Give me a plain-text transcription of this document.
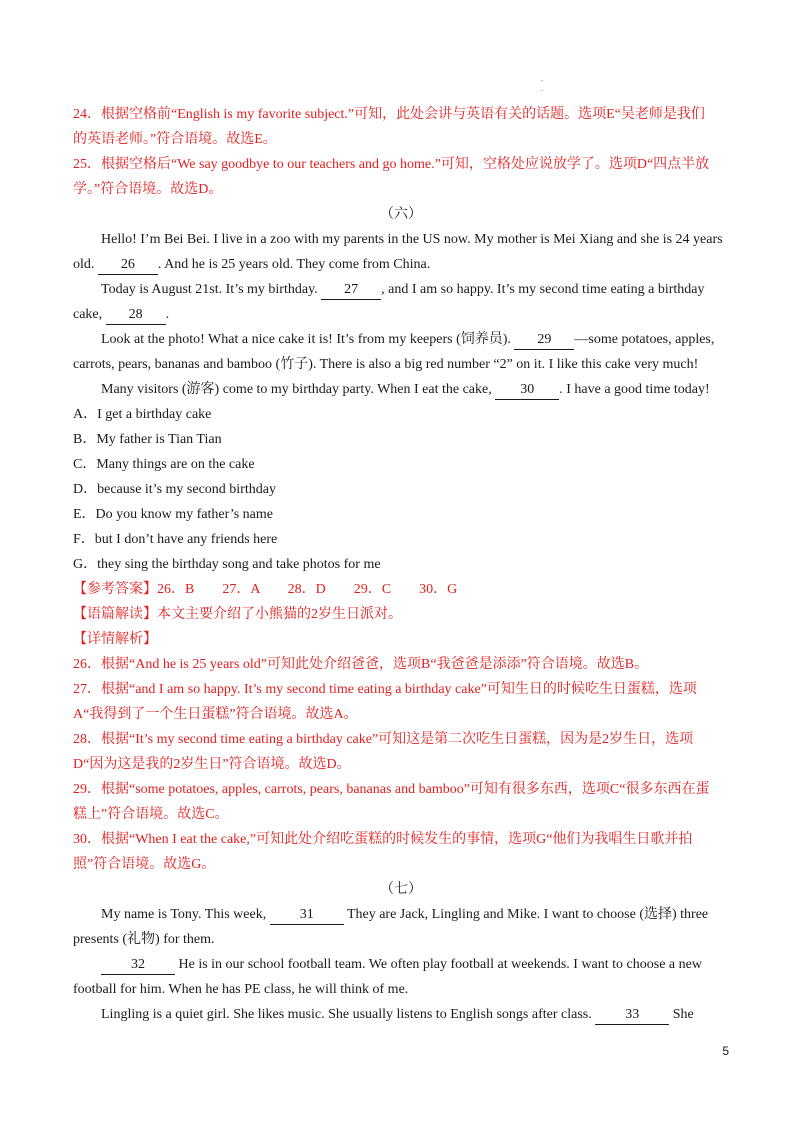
.
.
24．根据空格前“English is my favorite subject.”可知，此处会讲与英语有关的话题。选项E“吴老师是我们
的英语老师。”符合语境。故选E。
25．根据空格后“We say goodbye to our teachers and go home.”可知，空格处应说放学了。选项D“四点半放
学。”符合语境。故选D。
（六）
Hello! I’m Bei Bei. I live in a zoo with my parents in the US now. My mother is Mei Xiang and she is 24 years
old. 26 . And he is 25 years old. They come from China.
Today is August 21st. It’s my birthday. 27 , and I am so happy. It’s my second time eating a birthday
cake, 28 .
Look at the photo! What a nice cake it is! It’s from my keepers (饲养员). 29 —some potatoes, apples,
carrots, pears, bananas and bamboo (竹子). There is also a big red number “2” on it. I like this cake very much!
Many visitors (游客) come to my birthday party. When I eat the cake, 30 . I have a good time today!
A．I get a birthday cake
B．My father is Tian Tian
C．Many things are on the cake
D．because it’s my second birthday
E．Do you know my father’s name
F．but I don’t have any friends here
G．they sing the birthday song and take photos for me
【参考答案】26．B　　27．A　　28．D　　29．C　　30．G
【语篇解读】本文主要介绍了小熊猫的2岁生日派对。
【详情解析】
26．根据“And he is 25 years old”可知此处介绍爸爸，选项B“我爸爸是添添”符合语境。故选B。
27．根据“and I am so happy. It’s my second time eating a birthday cake”可知生日的时候吃生日蛋糕，选项
A“我得到了一个生日蛋糕”符合语境。故选A。
28．根据“It’s my second time eating a birthday cake”可知这是第二次吃生日蛋糕，因为是2岁生日，选项
D“因为这是我的2岁生日”符合语境。故选D。
29．根据“some potatoes, apples, carrots, pears, bananas and bamboo”可知有很多东西，选项C“很多东西在蛋
糕上”符合语境。故选C。
30．根据“When I eat the cake,”可知此处介绍吃蛋糕的时候发生的事情，选项G“他们为我唱生日歌并拍
照”符合语境。故选G。
（七）
My name is Tony. This week, 31 They are Jack, Lingling and Mike. I want to choose (选择) three
presents (礼物) for them.
32 He is in our school football team. We often play football at weekends. I want to choose a new
football for him. When he has PE class, he will think of me.
Lingling is a quiet girl. She likes music. She usually listens to English songs after class. 33 She
5
